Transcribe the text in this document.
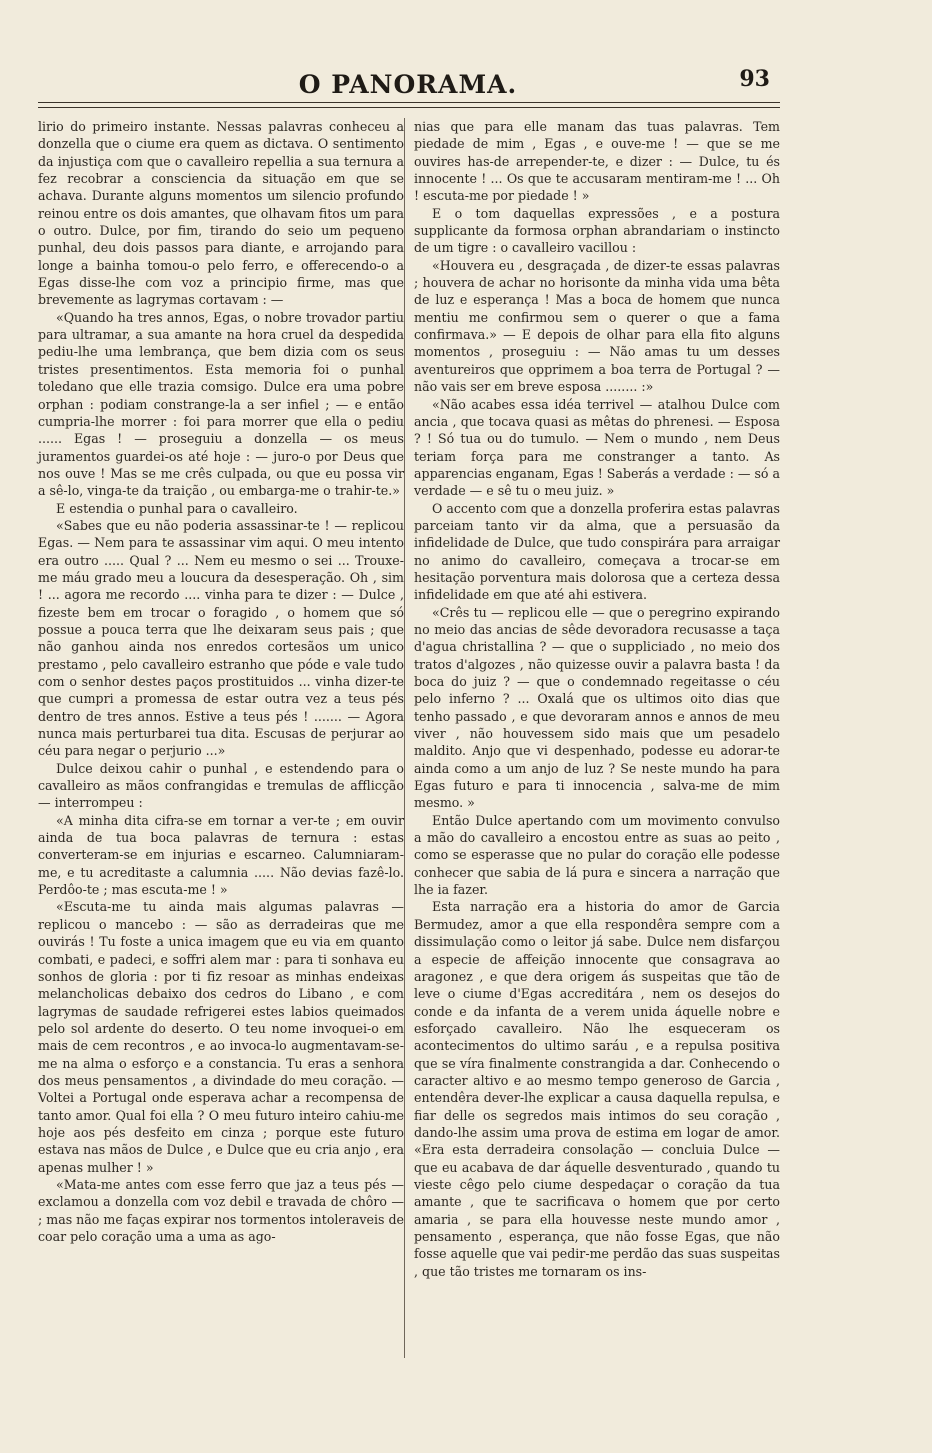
O PANORAMA.	93

lirio do primeiro instante. Nessas palavras conheceu a donzella que o ciume era quem as dictava. O sentimento da injustiça com que o cavalleiro repellia a sua ternura a fez recobrar a consciencia da situação em que se achava. Durante alguns momentos um silencio profundo reinou entre os dois amantes, que olhavam fitos um para o outro. Dulce, por fim, tirando do seio um pequeno punhal, deu dois passos para diante, e arrojando para longe a bainha tomou-o pelo ferro, e offerecendo-o a Egas disse-lhe com voz a principio firme, mas que brevemente as lagrymas cortavam : —

«Quando ha tres annos, Egas, o nobre trovador partiu para ultramar, a sua amante na hora cruel da despedida pediu-lhe uma lembrança, que bem dizia com os seus tristes presentimentos. Esta memoria foi o punhal toledano que elle trazia comsigo. Dulce era uma pobre orphan : podiam constrange-la a ser infiel ; — e então cumpria-lhe morrer : foi para morrer que ella o pediu ...... Egas ! — proseguiu a donzella — os meus juramentos guardei-os até hoje : — juro-o por Deus que nos ouve ! Mas se me crês culpada, ou que eu possa vir a sê-lo, vinga-te da traição , ou embarga-me o trahir-te.»

E estendia o punhal para o cavalleiro.

«Sabes que eu não poderia assassinar-te ! — replicou Egas. — Nem para te assassinar vim aqui. O meu intento era outro ..... Qual ? ... Nem eu mesmo o sei ... Trouxe-me máu grado meu a loucura da desesperação. Oh , sim ! ... agora me recordo .... vinha para te dizer : — Dulce , fizeste bem em trocar o foragido , o homem que só possue a pouca terra que lhe deixaram seus pais ; que não ganhou ainda nos enredos cortesãos um unico prestamo , pelo cavalleiro estranho que póde e vale tudo com o senhor destes paços prostituidos ... vinha dizer-te que cumpri a promessa de estar outra vez a teus pés dentro de tres annos. Estive a teus pés ! ....... — Agora nunca mais perturbarei tua dita. Escusas de perjurar ao céu para negar o perjurio ...»

Dulce deixou cahir o punhal , e estendendo para o cavalleiro as mãos confrangidas e tremulas de afflicção — interrompeu :

«A minha dita cifra-se em tornar a ver-te ; em ouvir ainda de tua boca palavras de ternura : estas converteram-se em injurias e escarneo. Calumniaram-me, e tu acreditaste a calumnia ..... Não devias fazê-lo. Perdôo-te ; mas escuta-me ! »

«Escuta-me tu ainda mais algumas palavras — replicou o mancebo : — são as derradeiras que me ouvirás ! Tu foste a unica imagem que eu via em quanto combati, e padeci, e soffri alem mar : para ti sonhava eu sonhos de gloria : por ti fiz resoar as minhas endeixas melancholicas debaixo dos cedros do Libano , e com lagrymas de saudade refrigerei estes labios queimados pelo sol ardente do deserto. O teu nome invoquei-o em mais de cem recontros , e ao invoca-lo augmentavam-se-me na alma o esforço e a constancia. Tu eras a senhora dos meus pensamentos , a divindade do meu coração. — Voltei a Portugal onde esperava achar a recompensa de tanto amor. Qual foi ella ? O meu futuro inteiro cahiu-me hoje aos pés desfeito em cinza ; porque este futuro estava nas mãos de Dulce , e Dulce que eu cria anjo , era apenas mulher ! »

«Mata-me antes com esse ferro que jaz a teus pés — exclamou a donzella com voz debil e travada de chôro — ; mas não me faças expirar nos tormentos intoleraveis de coar pelo coração uma a uma as ago-

nias que para elle manam das tuas palavras. Tem piedade de mim , Egas , e ouve-me ! — que se me ouvires has-de arrepender-te, e dizer : — Dulce, tu és innocente ! ... Os que te accusaram mentiram-me ! ... Oh ! escuta-me por piedade ! »

E o tom daquellas expressões , e a postura supplicante da formosa orphan abrandariam o instincto de um tigre : o cavalleiro vacillou :

«Houvera eu , desgraçada , de dizer-te essas palavras ; houvera de achar no horisonte da minha vida uma bêta de luz e esperança ! Mas a boca de homem que nunca mentiu me confirmou sem o querer o que a fama confirmava.» — E depois de olhar para ella fito alguns momentos , proseguiu : — Não amas tu um desses aventureiros que opprimem a boa terra de Portugal ? — não vais ser em breve esposa ........ :»

«Não acabes essa idéa terrivel — atalhou Dulce com ancia , que tocava quasi as mêtas do phrenesi. — Esposa ? ! Só tua ou do tumulo. — Nem o mundo , nem Deus teriam força para me constranger a tanto. As apparencias enganam, Egas ! Saberás a verdade : — só a verdade — e sê tu o meu juiz. »

O accento com que a donzella proferira estas palavras parceiam tanto vir da alma, que a persuasão da infidelidade de Dulce, que tudo conspirára para arraigar no animo do cavalleiro, começava a trocar-se em hesitação porventura mais dolorosa que a certeza dessa infidelidade em que até ahi estivera.

«Crês tu — replicou elle — que o peregrino expirando no meio das ancias de sêde devoradora recusasse a taça d'agua christallina ? — que o suppliciado , no meio dos tratos d'algozes , não quizesse ouvir a palavra basta ! da boca do juiz ? — que o condemnado regeitasse o céu pelo inferno ? ... Oxalá que os ultimos oito dias que tenho passado , e que devoraram annos e annos de meu viver , não houvessem sido mais que um pesadelo maldito. Anjo que vi despenhado, podesse eu adorar-te ainda como a um anjo de luz ? Se neste mundo ha para Egas futuro e para ti innocencia , salva-me de mim mesmo. »

Então Dulce apertando com um movimento convulso a mão do cavalleiro a encostou entre as suas ao peito , como se esperasse que no pular do coração elle podesse conhecer que sabia de lá pura e sincera a narração que lhe ia fazer.

Esta narração era a historia do amor de Garcia Bermudez, amor a que ella respondêra sempre com a dissimulação como o leitor já sabe. Dulce nem disfarçou a especie de affeição innocente que consagrava ao aragonez , e que dera origem ás suspeitas que tão de leve o ciume d'Egas accreditára , nem os desejos do conde e da infanta de a verem unida áquelle nobre e esforçado cavalleiro. Não lhe esqueceram os acontecimentos do ultimo saráu , e a repulsa positiva que se víra finalmente constrangida a dar. Conhecendo o caracter altivo e ao mesmo tempo generoso de Garcia , entendêra dever-lhe explicar a causa daquella repulsa, e fiar delle os segredos mais intimos do seu coração , dando-lhe assim uma prova de estima em logar de amor. «Era esta derradeira consolação — concluia Dulce — que eu acabava de dar áquelle desventurado , quando tu vieste cêgo pelo ciume despedaçar o coração da tua amante , que te sacrificava o homem que por certo amaria , se para ella houvesse neste mundo amor , pensamento , esperança, que não fosse Egas, que não fosse aquelle que vai pedir-me perdão das suas suspeitas , que tão tristes me tornaram os ins-
